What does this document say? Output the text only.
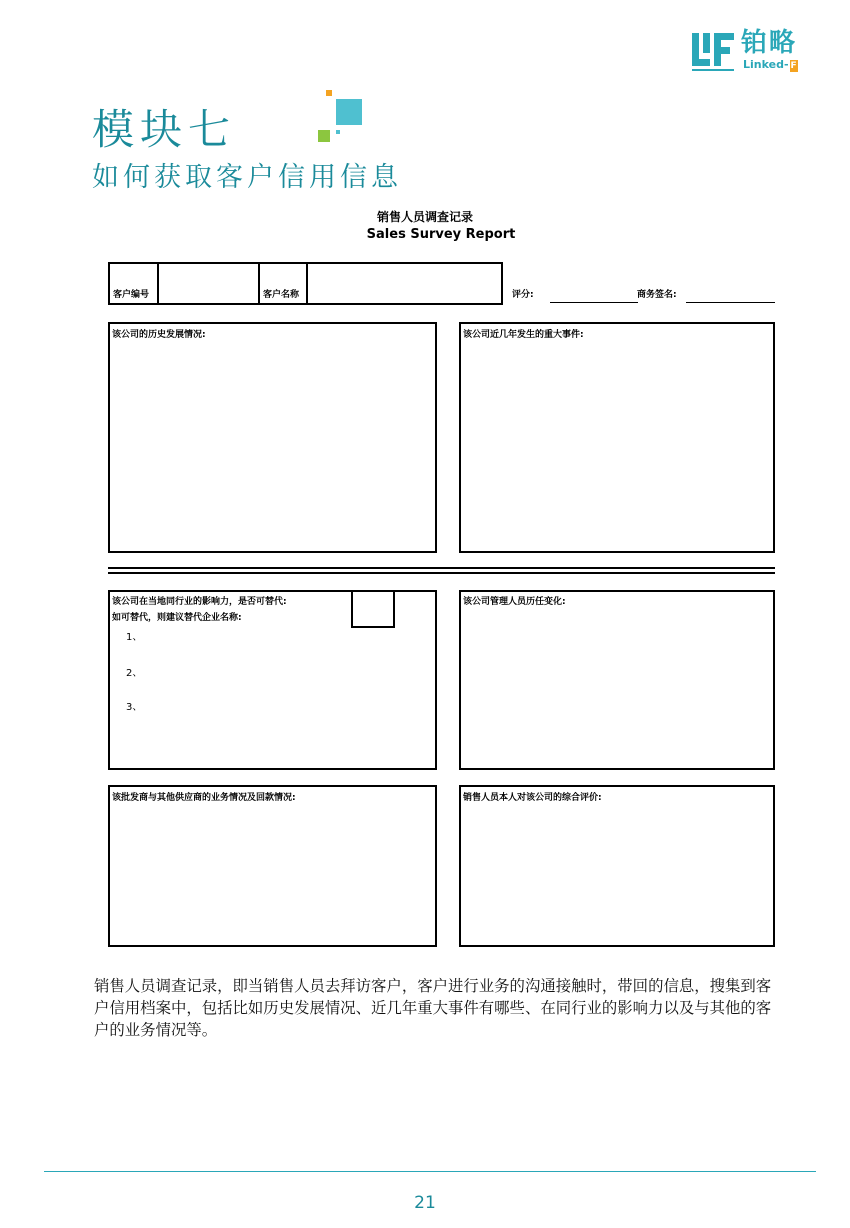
铂略
Linked- F
模块七
如何获取客户信用信息
销售人员调查记录
Sales Survey Report
客户编号	客户名称	评分:	商务签名:
该公司的历史发展情况:	该公司近几年发生的重大事件:
该公司在当地同行业的影响力，是否可替代:
如可替代，则建议替代企业名称:
1、
2、
3、
该公司管理人员历任变化:
该批发商与其他供应商的业务情况及回款情况:	销售人员本人对该公司的综合评价:
销售人员调查记录，即当销售人员去拜访客户，客户进行业务的沟通接触时，带回的信息，搜集到客户信用档案中，包括比如历史发展情况、近几年重大事件有哪些、在同行业的影响力以及与其他的客户的业务情况等。
21
